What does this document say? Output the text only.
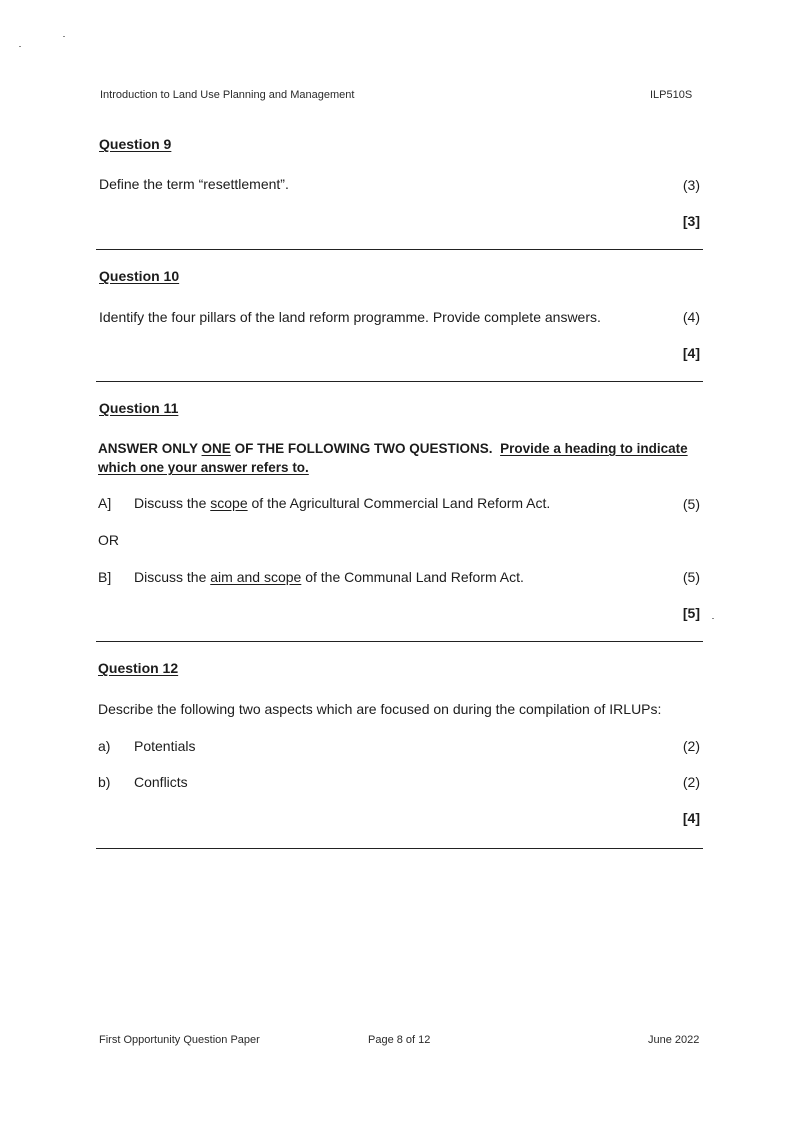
Introduction to Land Use Planning and Management	ILP510S
Question 9
Define the term “resettlement”.	(3)
[3]
Question 10
Identify the four pillars of the land reform programme. Provide complete answers.	(4)
[4]
Question 11
ANSWER ONLY ONE OF THE FOLLOWING TWO QUESTIONS. Provide a heading to indicate which one your answer refers to.
A] Discuss the scope of the Agricultural Commercial Land Reform Act.	(5)
OR
B] Discuss the aim and scope of the Communal Land Reform Act.	(5)
[5]
Question 12
Describe the following two aspects which are focused on during the compilation of IRLUPs:
a) Potentials	(2)
b) Conflicts	(2)
[4]
First Opportunity Question Paper	Page 8 of 12	June 2022
